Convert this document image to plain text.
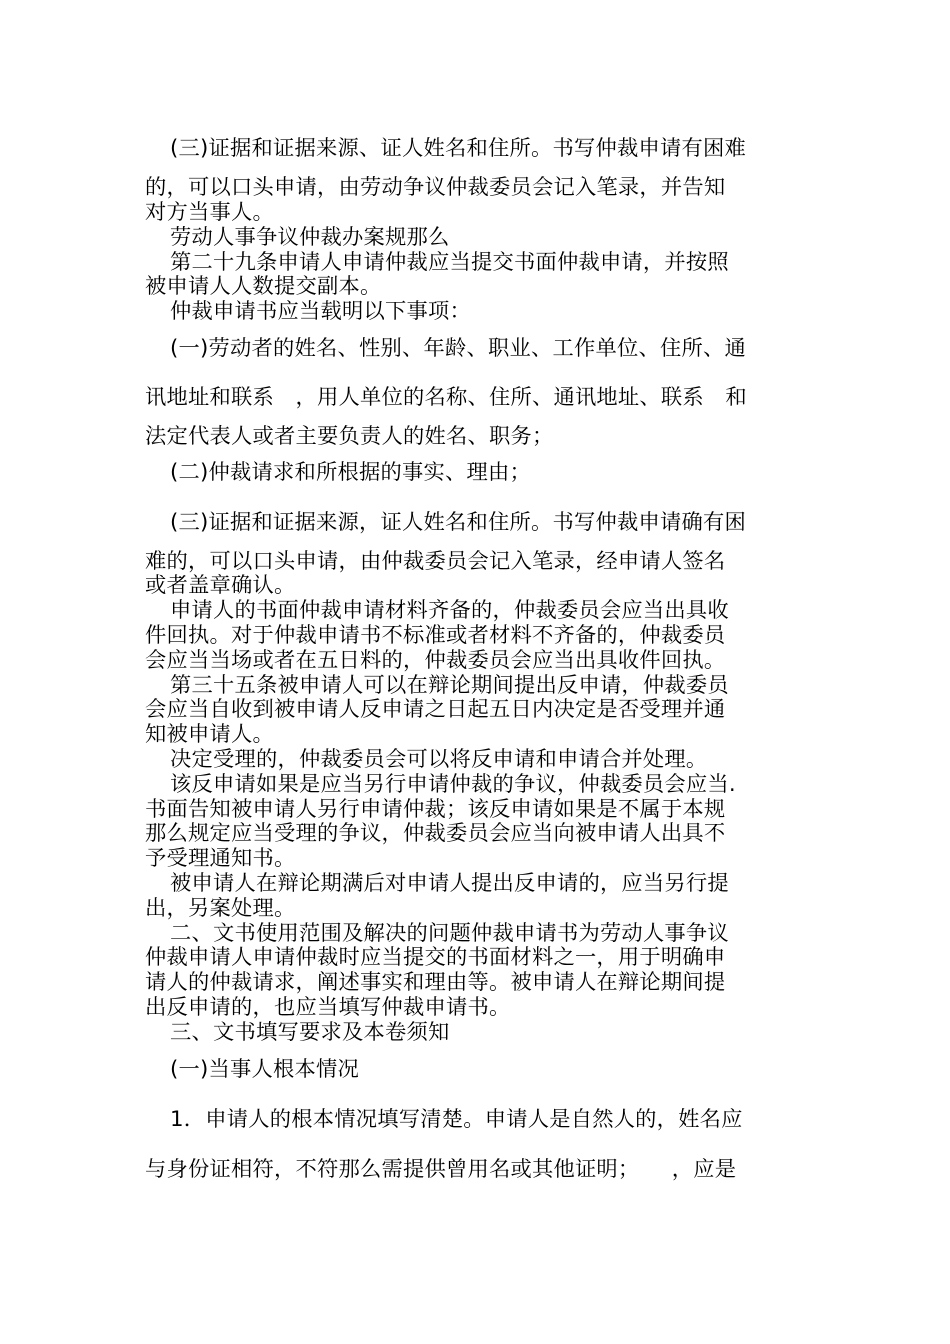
(三)证据和证据来源、证人姓名和住所。书写仲裁申请有困难

的，可以口头申请，由劳动争议仲裁委员会记入笔录，并告知

对方当事人。

劳动人事争议仲裁办案规那么

第二十九条申请人申请仲裁应当提交书面仲裁申请，并按照

被申请人人数提交副本。

仲裁申请书应当载明以下事项：

(一)劳动者的姓名、性别、年龄、职业、工作单位、住所、通

讯地址和联系　，用人单位的名称、住所、通讯地址、联系　和

法定代表人或者主要负责人的姓名、职务；

(二)仲裁请求和所根据的事实、理由；

(三)证据和证据来源，证人姓名和住所。书写仲裁申请确有困

难的，可以口头申请，由仲裁委员会记入笔录，经申请人签名

或者盖章确认。

申请人的书面仲裁申请材料齐备的，仲裁委员会应当出具收

件回执。对于仲裁申请书不标准或者材料不齐备的，仲裁委员

会应当当场或者在五日料的，仲裁委员会应当出具收件回执。

第三十五条被申请人可以在辩论期间提出反申请，仲裁委员

会应当自收到被申请人反申请之日起五日内决定是否受理并通

知被申请人。

决定受理的，仲裁委员会可以将反申请和申请合并处理。

该反申请如果是应当另行申请仲裁的争议，仲裁委员会应当.

书面告知被申请人另行申请仲裁；该反申请如果是不属于本规

那么规定应当受理的争议，仲裁委员会应当向被申请人出具不

予受理通知书。

被申请人在辩论期满后对申请人提出反申请的，应当另行提

出，另案处理。

二、文书使用范围及解决的问题仲裁申请书为劳动人事争议

仲裁申请人申请仲裁时应当提交的书面材料之一，用于明确申

请人的仲裁请求，阐述事实和理由等。被申请人在辩论期间提

出反申请的，也应当填写仲裁申请书。

三、文书填写要求及本卷须知

(一)当事人根本情况

1．申请人的根本情况填写清楚。申请人是自然人的，姓名应

与身份证相符，不符那么需提供曾用名或其他证明；　　，应是
